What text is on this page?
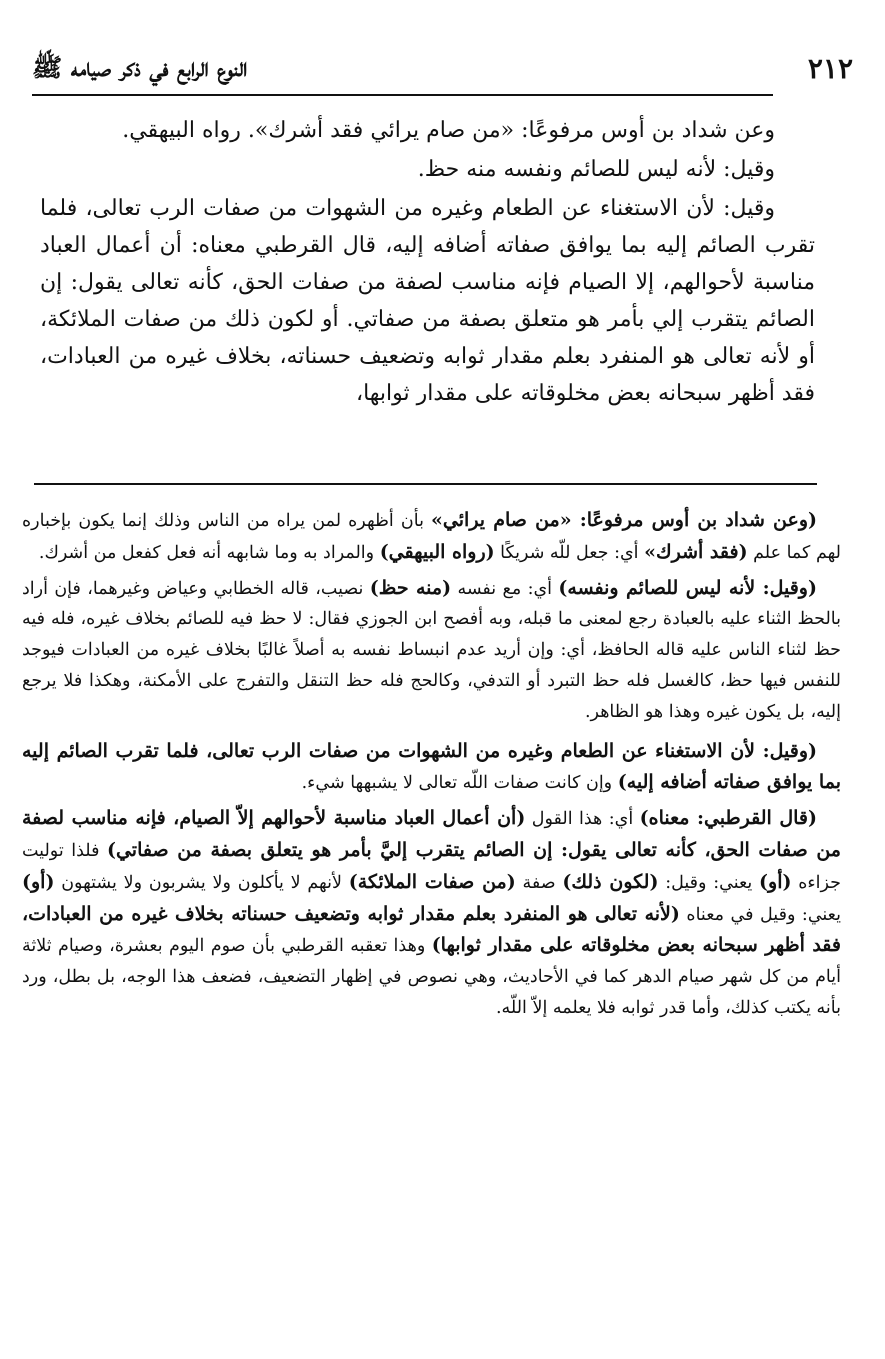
٢١٢
النوع الرابع في ذكر صيامه ﷺ

وعن شداد بن أوس مرفوعًا: «من صام يرائي فقد أشرك». رواه البيهقي.

وقيل: لأنه ليس للصائم ونفسه منه حظ.

وقيل: لأن الاستغناء عن الطعام وغيره من الشهوات من صفات الرب تعالى، فلما تقرب الصائم إليه بما يوافق صفاته أضافه إليه، قال القرطبي معناه: أن أعمال العباد مناسبة لأحوالهم، إلا الصيام فإنه مناسب لصفة من صفات الحق، كأنه تعالى يقول: إن الصائم يتقرب إلي بأمر هو متعلق بصفة من صفاتي. أو لكون ذلك من صفات الملائكة، أو لأنه تعالى هو المنفرد بعلم مقدار ثوابه وتضعيف حسناته، بخلاف غيره من العبادات، فقد أظهر سبحانه بعض مخلوقاته على مقدار ثوابها،

(وعن شداد بن أوس مرفوعًا: «من صام يرائي» بأن أظهره لمن يراه من الناس وذلك إنما يكون بإخباره لهم كما علم (فقد أشرك» أي: جعل للّه شريكًا (رواه البيهقي) والمراد به وما شابهه أنه فعل كفعل من أشرك.

(وقيل: لأنه ليس للصائم ونفسه) أي: مع نفسه (منه حظ) نصيب، قاله الخطابي وعياض وغيرهما، فإن أراد بالحظ الثناء عليه بالعبادة رجع لمعنى ما قبله، وبه أفصح ابن الجوزي فقال: لا حظ فيه للصائم بخلاف غيره، فله فيه حظ لثناء الناس عليه قاله الحافظ، أي: وإن أريد عدم انبساط نفسه به أصلاً غالبًا بخلاف غيره من العبادات فيوجد للنفس فيها حظ، كالغسل فله حظ التبرد أو التدفي، وكالحج فله حظ التنقل والتفرج على الأمكنة، وهكذا فلا يرجع إليه، بل يكون غيره وهذا هو الظاهر.

(وقيل: لأن الاستغناء عن الطعام وغيره من الشهوات من صفات الرب تعالى، فلما تقرب الصائم إليه بما يوافق صفاته أضافه إليه) وإن كانت صفات اللّه تعالى لا يشبهها شيء.

(قال القرطبي: معناه) أي: هذا القول (أن أعمال العباد مناسبة لأحوالهم إلاّ الصيام، فإنه مناسب لصفة من صفات الحق، كأنه تعالى يقول: إن الصائم يتقرب إليَّ بأمر هو يتعلق بصفة من صفاتي) فلذا توليت جزاءه (أو) يعني: وقيل: (لكون ذلك) صفة (من صفات الملائكة) لأنهم لا يأكلون ولا يشربون ولا يشتهون (أو) يعني: وقيل في معناه (لأنه تعالى هو المنفرد بعلم مقدار ثوابه وتضعيف حسناته بخلاف غيره من العبادات، فقد أظهر سبحانه بعض مخلوقاته على مقدار ثوابها) وهذا تعقبه القرطبي بأن صوم اليوم بعشرة، وصيام ثلاثة أيام من كل شهر صيام الدهر كما في الأحاديث، وهي نصوص في إظهار التضعيف، فضعف هذا الوجه، بل بطل، ورد بأنه يكتب كذلك، وأما قدر ثوابه فلا يعلمه إلاّ اللّه.
